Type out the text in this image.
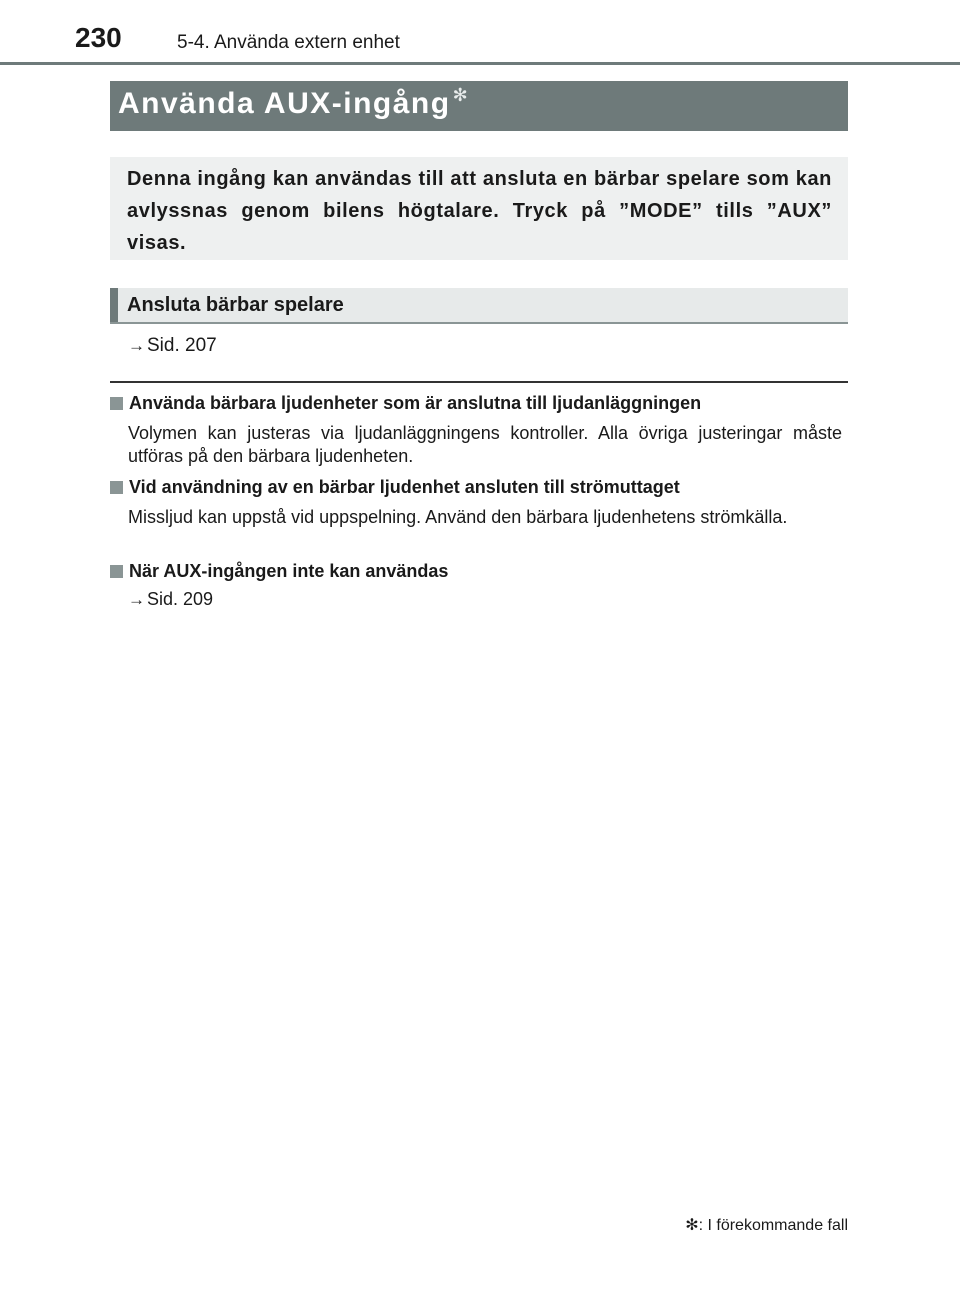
230	5-4. Använda extern enhet
Använda AUX-ingång ✻
Denna ingång kan användas till att ansluta en bärbar spelare som kan avlyssnas genom bilens högtalare. Tryck på ”MODE” tills ”AUX” visas.
Ansluta bärbar spelare
→ Sid. 207
Använda bärbara ljudenheter som är anslutna till ljudanläggningen
Volymen kan justeras via ljudanläggningens kontroller. Alla övriga justeringar måste utföras på den bärbara ljudenheten.
Vid användning av en bärbar ljudenhet ansluten till strömuttaget
Missljud kan uppstå vid uppspelning. Använd den bärbara ljudenhetens strömkälla.
När AUX-ingången inte kan användas
→ Sid. 209
✻: I förekommande fall
